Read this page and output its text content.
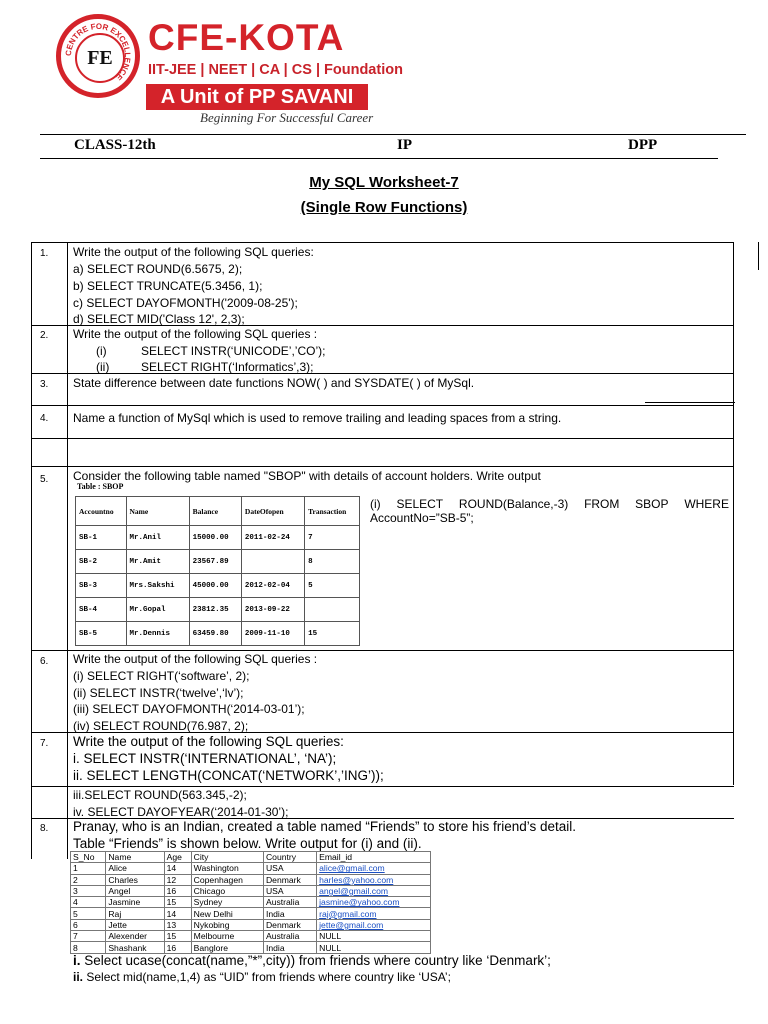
CENTRE FOR EXCELLENCE
FE CFE-KOTA
IIT-JEE | NEET | CA | CS | Foundation
A Unit of PP SAVANI
Beginning For Successful Career
CLASS-12th	IP	DPP
My SQL Worksheet-7
(Single Row Functions)
1. Write the output of the following SQL queries:
a) SELECT ROUND(6.5675, 2);
b) SELECT TRUNCATE(5.3456, 1);
c) SELECT DAYOFMONTH('2009-08-25');
d) SELECT MID('Class 12', 2,3);
2. Write the output of the following SQL queries :
(i)	SELECT INSTR(‘UNICODE’,’CO’);
(ii)	SELECT RIGHT(‘Informatics’,3);
3. State difference between date functions NOW( ) and SYSDATE( ) of MySql.
4. Name a function of MySql which is used to remove trailing and leading spaces from a string.
5. Consider the following table named "SBOP" with details of account holders. Write output
Table : SBOP
Accountno	Name	Balance	DateOfopen	Transaction
SB-1	Mr.Anil	15000.00	2011-02-24	7
SB-2	Mr.Amit	23567.89		8
SB-3	Mrs.Sakshi	45000.00	2012-02-04	5
SB-4	Mr.Gopal	23812.35	2013-09-22	
SB-5	Mr.Dennis	63459.80	2009-11-10	15
(i) SELECT ROUND(Balance,-3) FROM SBOP WHERE
AccountNo=”SB-5”;
6. Write the output of the following SQL queries :
(i) SELECT RIGHT(‘software’, 2);
(ii) SELECT INSTR(‘twelve’,‘lv’);
(iii) SELECT DAYOFMONTH(‘2014-03-01’);
(iv) SELECT ROUND(76.987, 2);
7. Write the output of the following SQL queries:
i. SELECT INSTR(‘INTERNATIONAL’, ‘NA’);
ii. SELECT LENGTH(CONCAT(‘NETWORK’,’ING’));
iii.SELECT ROUND(563.345,-2);
iv. SELECT DAYOFYEAR(‘2014-01-30’);
8. Pranay, who is an Indian, created a table named “Friends” to store his friend’s detail.
Table “Friends” is shown below. Write output for (i) and (ii).
S_No	Name	Age	City	Country	Email_id
1	Alice	14	Washington	USA	alice@gmail.com
2	Charles	12	Copenhagen	Denmark	harles@yahoo.com
3	Angel	16	Chicago	USA	angel@gmail.com
4	Jasmine	15	Sydney	Australia	jasmine@yahoo.com
5	Raj	14	New Delhi	India	raj@gmail.com
6	Jette	13	Nykobing	Denmark	jette@gmail.com
7	Alexender	15	Melbourne	Australia	NULL
8	Shashank	16	Banglore	India	NULL
i. Select ucase(concat(name,”*”,city)) from friends where country like ‘Denmark’;
ii. Select mid(name,1,4) as “UID” from friends where country like ‘USA’;
